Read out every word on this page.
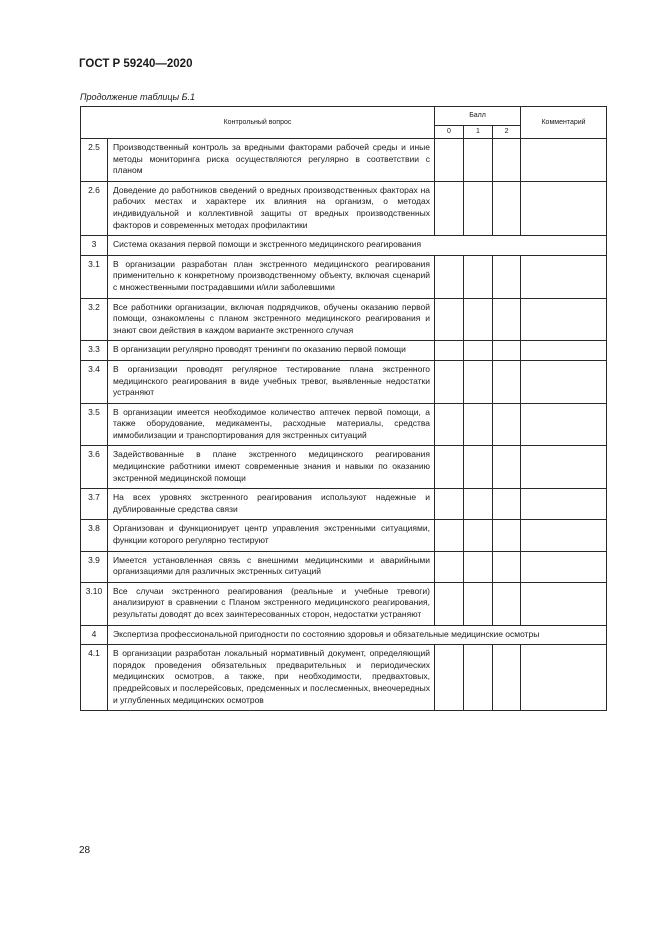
ГОСТ Р 59240—2020
Продолжение таблицы Б.1
Контрольный вопрос		Балл			Комментарий
		0	1	2	
2.5	Производственный контроль за вредными факторами рабочей среды и иные методы мониторинга риска осуществляются регулярно в соответствии с планом				
2.6	Доведение до работников сведений о вредных производственных факторах на рабочих местах и характере их влияния на организм, о методах индивидуальной и коллективной защиты от вредных производственных факторов и современных методах профилактики				
3	Система оказания первой помощи и экстренного медицинского реагирования				
3.1	В организации разработан план экстренного медицинского реагирования применительно к конкретному производственному объекту, включая сценарий с множественными пострадавшими и/или заболевшими				
3.2	Все работники организации, включая подрядчиков, обучены оказанию первой помощи, ознакомлены с планом экстренного медицинского реагирования и знают свои действия в каждом варианте экстренного случая				
3.3	В организации регулярно проводят тренинги по оказанию первой помощи				
3.4	В организации проводят регулярное тестирование плана экстренного медицинского реагирования в виде учебных тревог, выявленные недостатки устраняют				
3.5	В организации имеется необходимое количество аптечек первой помощи, а также оборудование, медикаменты, расходные материалы, средства иммобилизации и транспортирования для экстренных ситуаций				
3.6	Задействованные в плане экстренного медицинского реагирования медицинские работники имеют современные знания и навыки по оказанию экстренной медицинской помощи				
3.7	На всех уровнях экстренного реагирования используют надежные и дублированные средства связи				
3.8	Организован и функционирует центр управления экстренными ситуациями, функции которого регулярно тестируют				
3.9	Имеется установленная связь с внешними медицинскими и аварийными организациями для различных экстренных ситуаций				
3.10	Все случаи экстренного реагирования (реальные и учебные тревоги) анализируют в сравнении с Планом экстренного медицинского реагирования, результаты доводят до всех заинтересованных сторон, недостатки устраняют				
4	Экспертиза профессиональной пригодности по состоянию здоровья и обязательные медицинские осмотры				
4.1	В организации разработан локальный нормативный документ, определяющий порядок проведения обязательных предварительных и периодических медицинских осмотров, а также, при необходимости, предвахтовых, предрейсовых и послерейсовых, предсменных и послесменных, внеочередных и углубленных медицинских осмотров				
28
